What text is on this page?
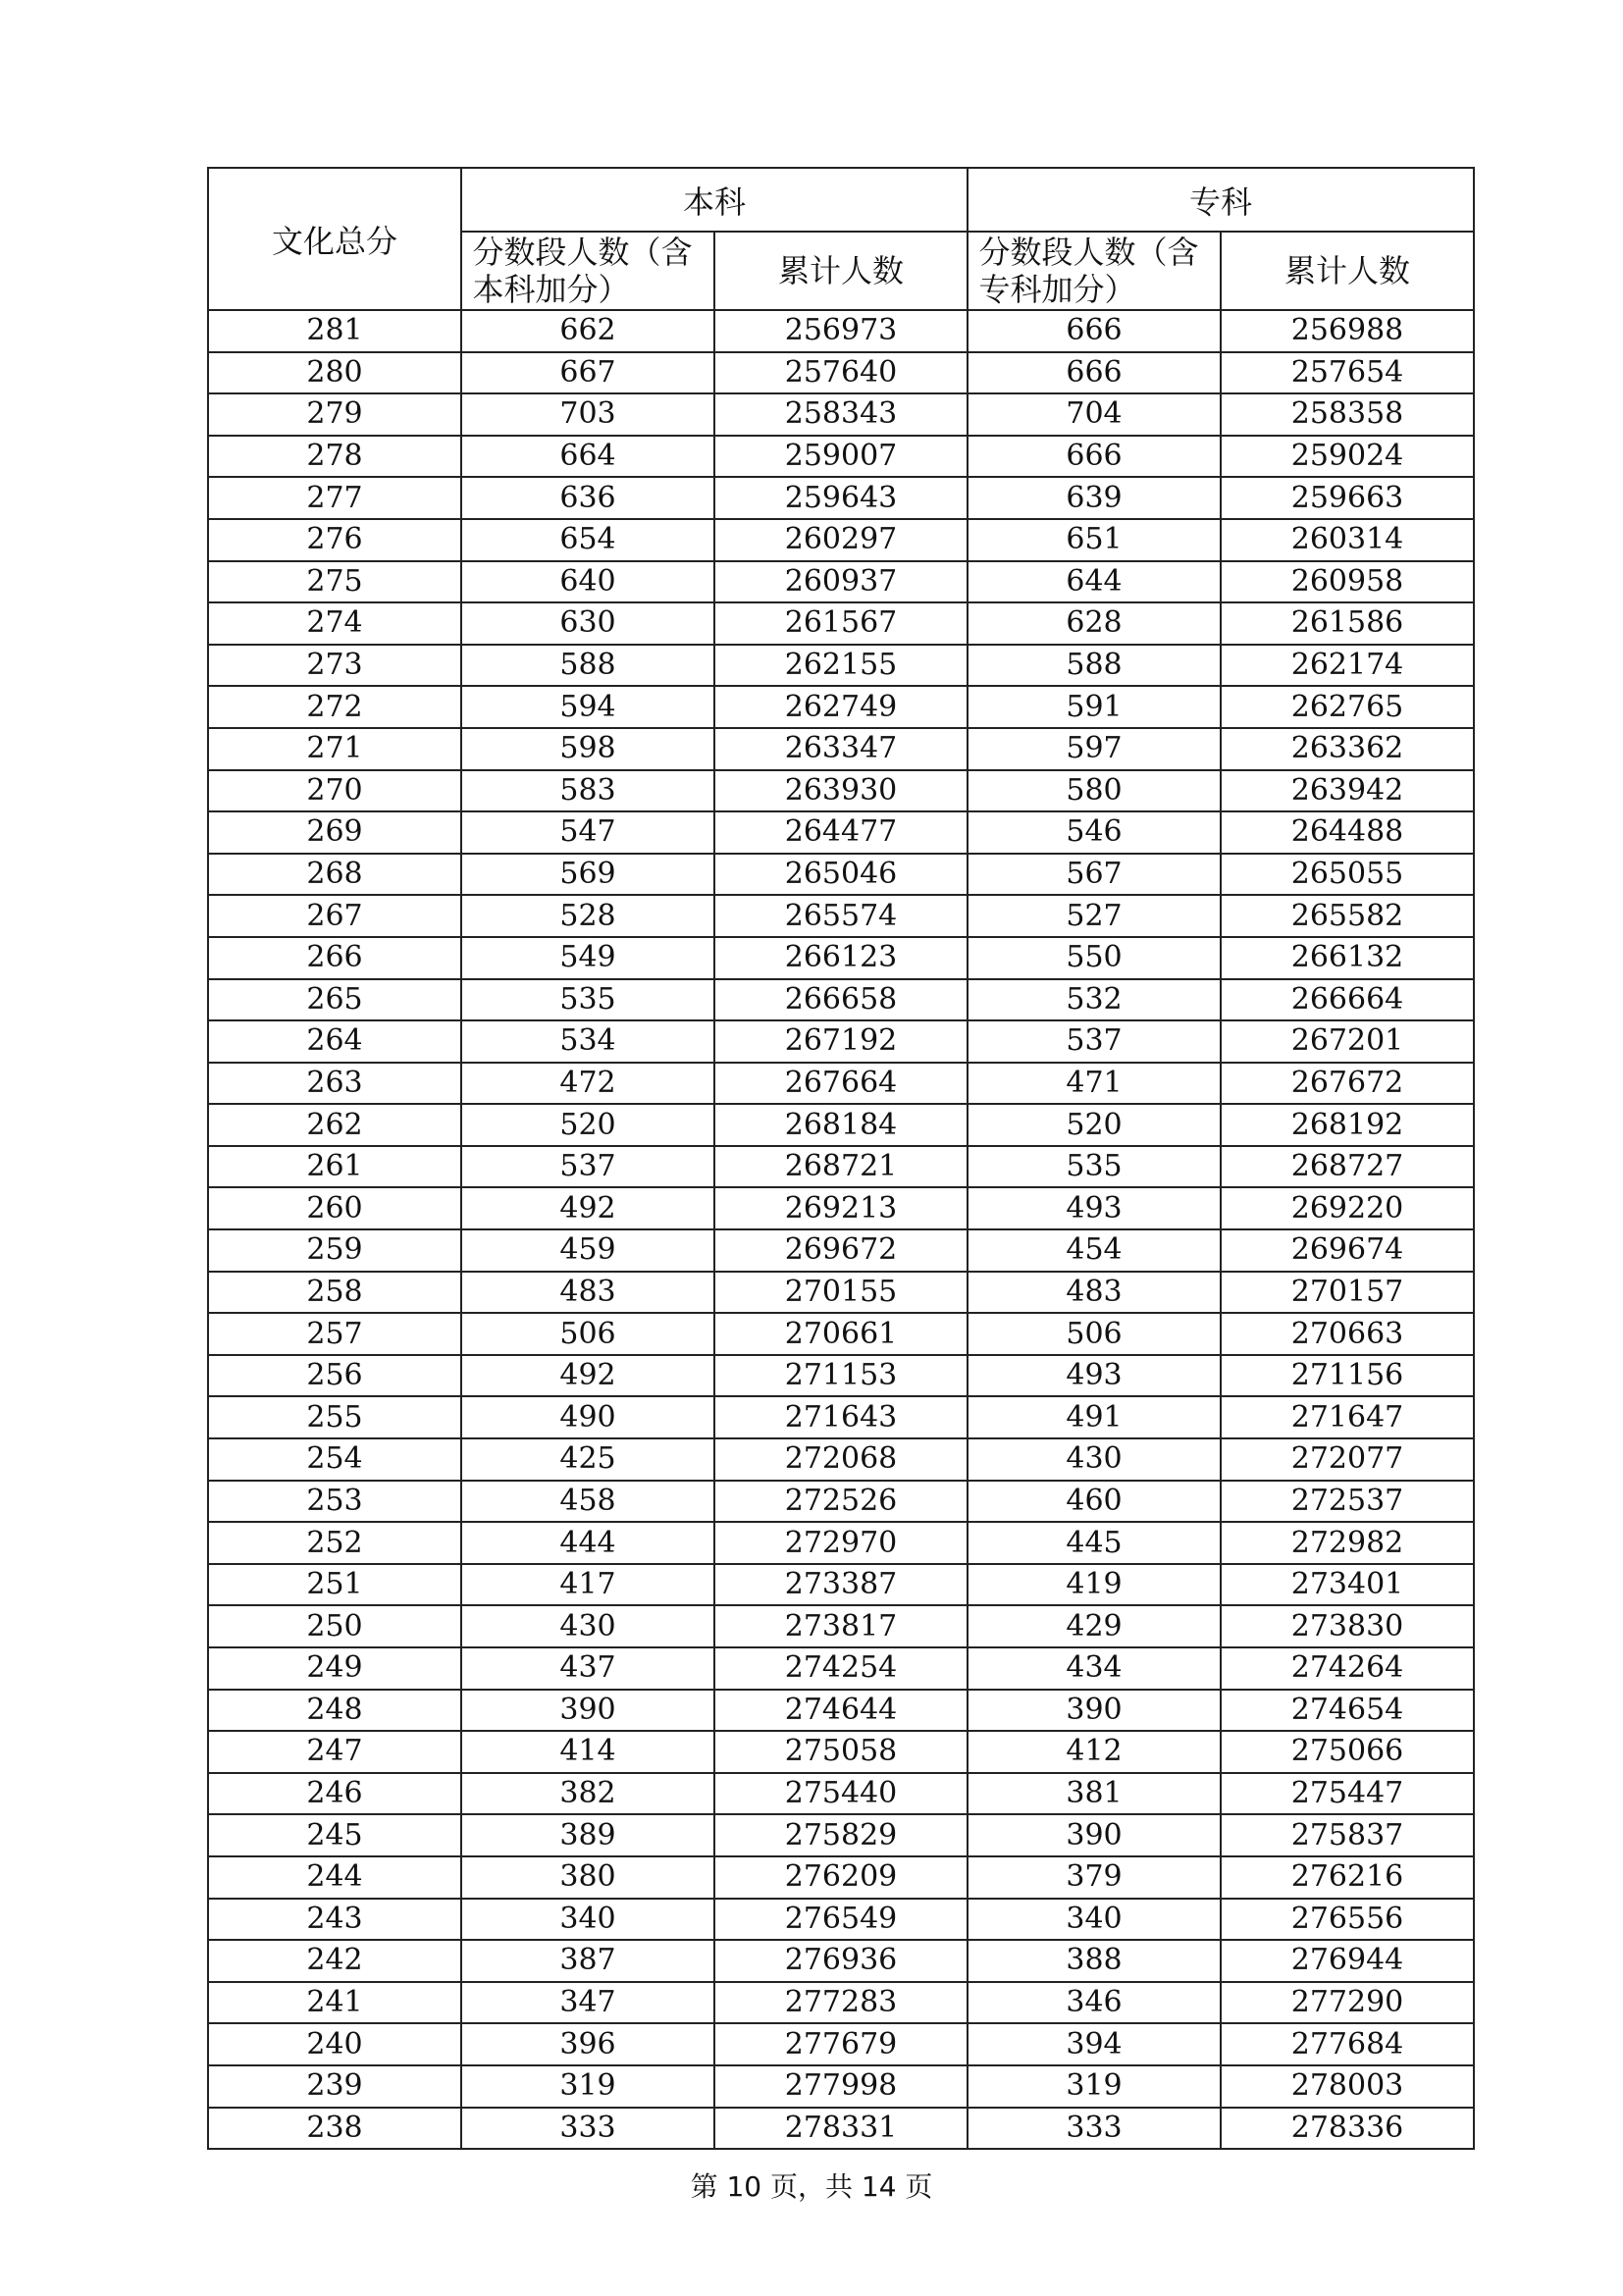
文化总分	本科		专科	
	分数段人数（含本科加分）	累计人数	分数段人数（含专科加分）	累计人数
281	662	256973	666	256988
280	667	257640	666	257654
279	703	258343	704	258358
278	664	259007	666	259024
277	636	259643	639	259663
276	654	260297	651	260314
275	640	260937	644	260958
274	630	261567	628	261586
273	588	262155	588	262174
272	594	262749	591	262765
271	598	263347	597	263362
270	583	263930	580	263942
269	547	264477	546	264488
268	569	265046	567	265055
267	528	265574	527	265582
266	549	266123	550	266132
265	535	266658	532	266664
264	534	267192	537	267201
263	472	267664	471	267672
262	520	268184	520	268192
261	537	268721	535	268727
260	492	269213	493	269220
259	459	269672	454	269674
258	483	270155	483	270157
257	506	270661	506	270663
256	492	271153	493	271156
255	490	271643	491	271647
254	425	272068	430	272077
253	458	272526	460	272537
252	444	272970	445	272982
251	417	273387	419	273401
250	430	273817	429	273830
249	437	274254	434	274264
248	390	274644	390	274654
247	414	275058	412	275066
246	382	275440	381	275447
245	389	275829	390	275837
244	380	276209	379	276216
243	340	276549	340	276556
242	387	276936	388	276944
241	347	277283	346	277290
240	396	277679	394	277684
239	319	277998	319	278003
238	333	278331	333	278336
第 10 页，共 14 页
